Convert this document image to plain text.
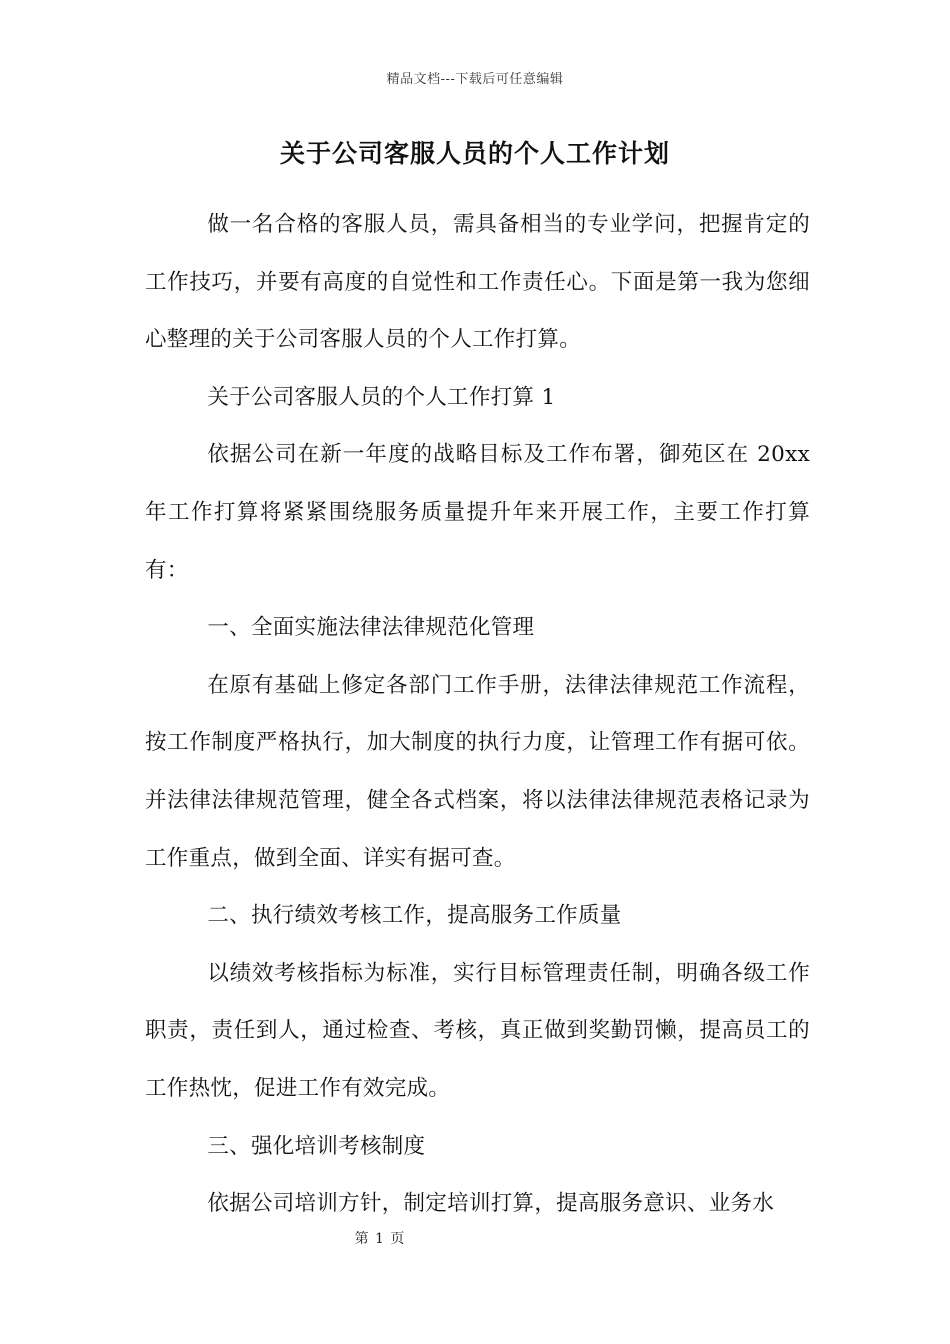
精品文档---下载后可任意编辑
关于公司客服人员的个人工作计划

做一名合格的客服人员，需具备相当的专业学问，把握肯定的工作技巧，并要有高度的自觉性和工作责任心。下面是第一我为您细心整理的关于公司客服人员的个人工作打算。

关于公司客服人员的个人工作打算 1

依据公司在新一年度的战略目标及工作布署，御苑区在 20xx 年工作打算将紧紧围绕服务质量提升年来开展工作，主要工作打算有：

一、全面实施法律法律规范化管理

在原有基础上修定各部门工作手册，法律法律规范工作流程，按工作制度严格执行，加大制度的执行力度，让管理工作有据可依。并法律法律规范管理，健全各式档案，将以法律法律规范表格记录为工作重点，做到全面、详实有据可查。

二、执行绩效考核工作，提高服务工作质量

以绩效考核指标为标准，实行目标管理责任制，明确各级工作职责，责任到人，通过检查、考核，真正做到奖勤罚懒，提高员工的工作热忱，促进工作有效完成。

三、强化培训考核制度

依据公司培训方针，制定培训打算，提高服务意识、业务水

第 1 页
